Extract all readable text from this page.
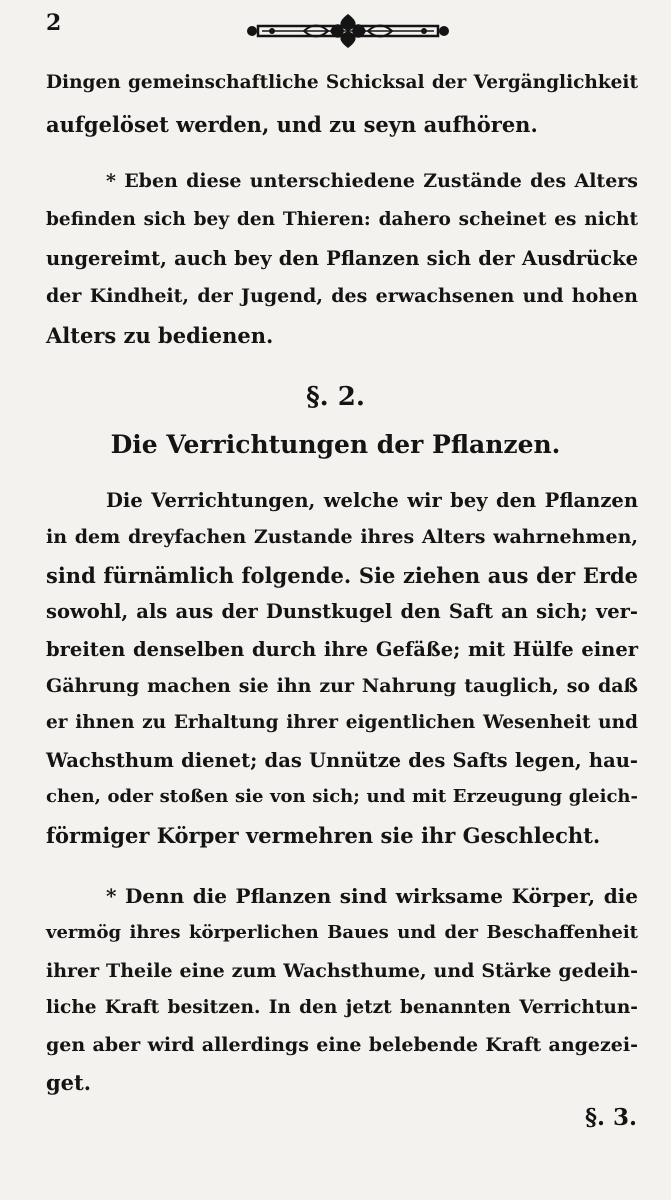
2
Dingen gemeinschaftliche Schicksal der Vergänglichkeit
aufgelöset werden, und zu seyn aufhören.
* Eben diese unterschiedene Zustände des Alters
befinden sich bey den Thieren: dahero scheinet es nicht
ungereimt, auch bey den Pflanzen sich der Ausdrücke
der Kindheit, der Jugend, des erwachsenen und hohen
Alters zu bedienen.
§. 2.
Die Verrichtungen der Pflanzen.
Die Verrichtungen, welche wir bey den Pflanzen
in dem dreyfachen Zustande ihres Alters wahrnehmen,
sind fürnämlich folgende. Sie ziehen aus der Erde
sowohl, als aus der Dunstkugel den Saft an sich; ver-
breiten denselben durch ihre Gefäße; mit Hülfe einer
Gährung machen sie ihn zur Nahrung tauglich, so daß
er ihnen zu Erhaltung ihrer eigentlichen Wesenheit und
Wachsthum dienet; das Unnütze des Safts legen, hau-
chen, oder stoßen sie von sich; und mit Erzeugung gleich-
förmiger Körper vermehren sie ihr Geschlecht.
* Denn die Pflanzen sind wirksame Körper, die
vermög ihres körperlichen Baues und der Beschaffenheit
ihrer Theile eine zum Wachsthume, und Stärke gedeih-
liche Kraft besitzen. In den jetzt benannten Verrichtun-
gen aber wird allerdings eine belebende Kraft angezei-
get.
§. 3.
